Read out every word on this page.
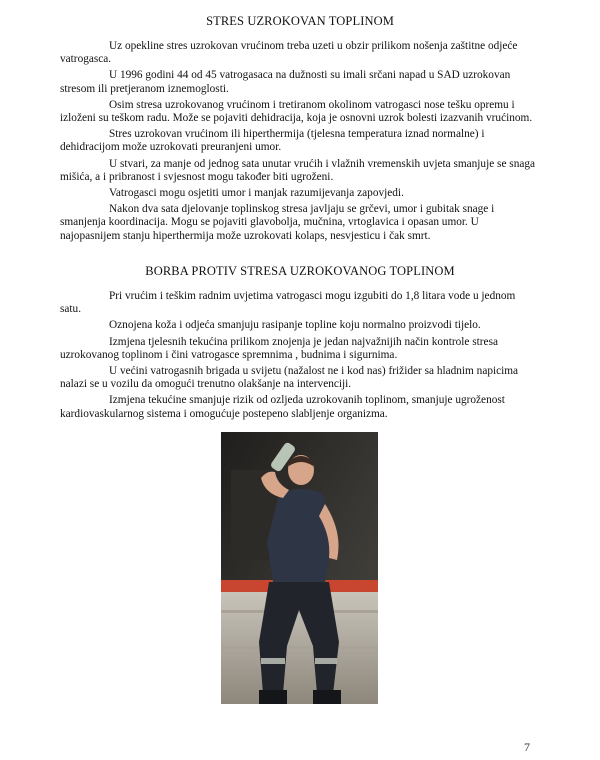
STRES UZROKOVAN TOPLINOM

Uz opekline stres uzrokovan vrućinom treba uzeti u obzir prilikom nošenja zaštitne odjeće vatrogasca.

U 1996 godini 44 od 45 vatrogasaca na dužnosti su imali srčani napad u SAD uzrokovan stresom ili pretjeranom iznemoglosti.

Osim stresa uzrokovanog vrućinom i tretiranom okolinom vatrogasci nose tešku opremu i izloženi su teškom radu. Može se pojaviti dehidracija, koja je osnovni uzrok bolesti izazvanih vrućinom.

Stres uzrokovan vrućinom ili hiperthermija (tjelesna temperatura iznad normalne) i dehidracijom može uzrokovati preuranjeni umor.

U stvari, za manje od jednog sata unutar vrućih i vlažnih vremenskih uvjeta smanjuje se snaga mišića, a i pribranost i svjesnost mogu također biti ugroženi.

Vatrogasci mogu osjetiti umor i manjak razumijevanja zapovjedi.

Nakon dva sata djelovanje toplinskog stresa javljaju se grčevi, umor i gubitak snage i smanjenja koordinacija. Mogu se pojaviti glavobolja, mučnina, vrtoglavica i opasan umor. U najopasnijem stanju hiperthermija može uzrokovati kolaps, nesvjesticu i čak smrt.

BORBA PROTIV STRESA UZROKOVANOG TOPLINOM

Pri vrućim i teškim radnim uvjetima vatrogasci mogu izgubiti do 1,8 litara vode u jednom satu.

Oznojena koža i odjeća smanjuju rasipanje topline koju normalno proizvodi tijelo.

Izmjena tjelesnih tekućina prilikom znojenja je jedan najvažnijih način kontrole stresa uzrokovanog toplinom i čini vatrogasce spremnima , budnima i sigurnima.

U većini vatrogasnih brigada u svijetu (nažalost ne i kod nas) frižider sa hladnim napicima nalazi se u vozilu da omogući trenutno olakšanje na intervenciji.

Izmjena tekućine smanjuje rizik od ozljeda uzrokovanih toplinom, smanjuje ugroženost kardiovaskularnog sistema i omogućuje postepeno slabljenje organizma.

7
